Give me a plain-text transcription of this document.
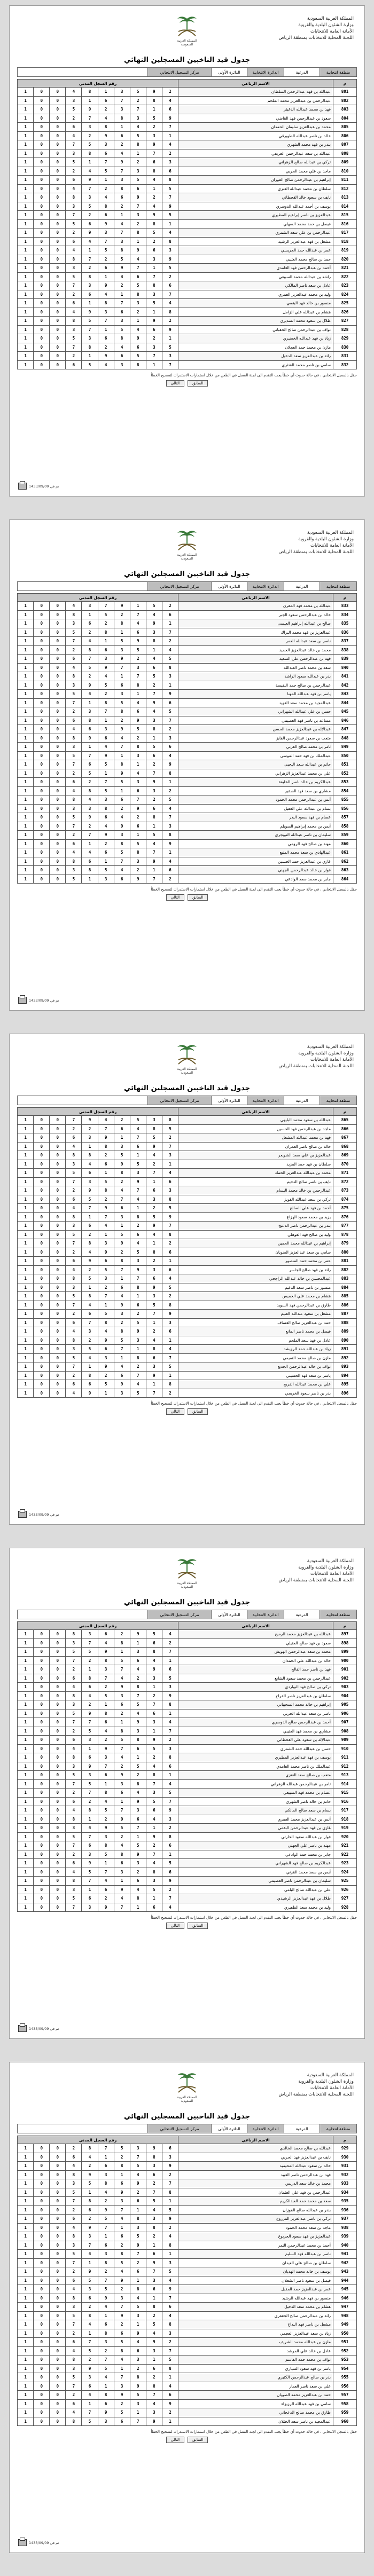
المملكة العربية السعودية
وزارة الشئون البلدية والقروية
الأمانة العامة للانتخابات
اللجنة المحلية للانتخابات بمنطقة الرياض
المملكة العربية السعودية
جدول قيد الناخبين المسجلين النهائي
منطقة انتخابية
الدرعية
الدائرة الانتخابية
الدائرة الأولى
مركز التسجيل الانتخابي
م	الاسم الرباعي	رقم السجل المدني									
801	عبدالله بن فهد عبدالرحمن السلطان	2	9	5	3	1	8	4	0	0	1
802	عبدالرحمن بن عبدالعزيز محمد الملحم	4	8	2	7	6	1	3	0	0	1
803	فهد بن محمد عبدالله الدغيثر	6	1	7	3	2	9	5	0	0	1
804	سعود بن عبدالرحمن فهد القاضي	9	5	3	8	4	7	2	0	0	1
805	محمد بن عبدالعزيز سليمان الحمدان	7	2	4	1	8	3	6	0	0	1
806	خالد بن ناصر عبدالله الطويرقي	1	3	5	6	9	2	4	0	0	1
807	بندر بن فهد محمد الشهري	4	9	8	2	3	5	7	0	0	1
808	عبدالله بن سعد عبدالرحمن العريفي	2	7	1	4	6	8	3	0	0	1
809	تركي بن عبدالله صالح الزهراني	3	6	2	9	7	1	5	0	0	1
810	ماجد بن علي محمد الحربي	6	8	3	7	5	4	2	0	0	1
811	إبراهيم بن عبدالرحمن صالح الفوزان	8	4	5	3	1	9	6	0	0	1
812	سلطان بن محمد عبدالله العنزي	5	1	6	8	2	7	4	0	0	1
813	نايف بن سعود خالد القحطاني	7	2	9	6	4	3	8	0	0	1
814	يوسف بن أحمد عبدالله الدوسري	9	4	7	2	8	5	3	0	0	1
815	عبدالعزيز بن ناصر إبراهيم المطيري	5	9	3	1	6	2	7	0	0	1
816	فيصل بن حمد محمد السهلي	1	8	2	4	9	6	5	0	0	1
817	عبدالرحمن بن علي سعد الشمري	4	5	8	7	3	9	2	0	0	1
818	مشعل بن فهد عبدالعزيز الرشيد	8	2	1	3	7	4	6	0	0	1
819	عمر بن عبدالله حمد الجريسي	3	6	9	8	5	1	4	0	0	1
820	حمد بن صالح محمد العتيبي	9	3	4	5	2	7	8	0	0	1
821	أحمد بن عبدالرحمن فهد الغامدي	5	1	7	9	6	2	3	0	0	1
822	راشد بن عبدالله محمد السبيعي	2	7	6	4	1	8	5	0	0	1
823	عادل بن سعد ناصر المالكي	6	8	5	2	9	3	7	0	0	1
824	وليد بن محمد عبدالعزيز العمري	7	3	8	1	4	6	2	0	0	1
825	منصور بن خالد فهد البقمي	4	5	3	7	8	1	6	0	0	1
826	هشام بن عبدالله علي الزامل	8	1	2	6	3	9	4	0	0	1
827	طلال بن سعود محمد السديري	2	9	1	3	7	5	8	0	0	1
828	نواف بن عبدالرحمن صالح الحقباني	9	6	4	5	1	7	3	0	0	1
829	زياد بن فهد عبدالله الخضيري	1	2	9	8	6	3	5	0	0	1
830	مازن بن محمد حمد العجلان	5	3	6	4	2	8	7	0	0	1
831	رائد بن عبدالعزيز سعد الدخيل	3	7	5	6	9	1	2	0	0	1
832	سامي بن ناصر محمد الشثري	7	1	8	3	4	5	6	0	0	1
حقل بالسجل الانتخابي ، في حالة حدوث أي خطأ يجب التقدم الى لجنة الفصل في الطعن من خلال استمارات الاستدراك لتصحيح الخطأ
السابق
التالي
1433/09/09 تم في
المملكة العربية السعودية
وزارة الشئون البلدية والقروية
الأمانة العامة للانتخابات
اللجنة المحلية للانتخابات بمنطقة الرياض
المملكة العربية السعودية
جدول قيد الناخبين المسجلين النهائي
منطقة انتخابية
الدرعية
الدائرة الانتخابية
الدائرة الأولى
مركز التسجيل الانتخابي
م	الاسم الرباعي	رقم السجل المدني									
833	عبدالله بن محمد فهد المقرن	2	5	1	9	7	3	4	0	0	1
834	خالد بن عبدالرحمن سعود الجبر	6	4	7	2	5	1	8	0	0	1
835	صالح بن عبدالله إبراهيم العيسى	1	9	4	8	2	6	3	0	0	1
836	عبدالعزيز بن فهد محمد البراك	7	3	6	1	8	2	5	0	0	1
837	ناصر بن سعد عبدالله العمر	2	8	9	5	1	4	7	0	0	1
838	محمد بن خالد عبدالعزيز الحميد	4	1	5	3	6	8	2	0	0	1
839	فهد بن عبدالرحمن علي السعيد	5	4	2	9	3	7	6	0	0	1
840	سعد بن محمد ناصر العبدالله	8	6	3	7	9	5	4	0	0	1
841	بدر بن عبدالله سعود الراشد	3	5	7	1	4	2	8	0	0	1
842	عبدالرحمن بن صالح حمد النفيسة	1	2	8	6	5	9	3	0	0	1
843	ياسر بن فهد عبدالله المهنا	9	7	1	3	2	4	5	0	0	1
844	عبدالمجيد بن محمد سعد الفهيد	6	9	4	5	8	1	7	0	0	1
845	حسن بن علي عبدالله الشهراني	5	4	6	8	7	3	2	0	0	1
846	مساعد بن ناصر فهد العصيمي	7	3	9	2	1	8	6	0	0	1
847	عبدالإله بن عبدالعزيز محمد الحسن	2	8	5	9	3	6	4	0	0	1
848	متعب بن سعود عبدالرحمن الفايز	3	1	2	4	6	9	8	0	0	1
849	ثامر بن محمد صالح القرني	6	5	8	7	4	1	3	0	0	1
850	عبدالملك بن فهد حمد الموسى	4	6	3	1	9	7	5	0	0	1
851	حاتم بن عبدالله سعد اليحيى	9	2	1	8	5	6	7	0	0	1
852	علي بن محمد عبدالعزيز الزهراني	8	7	4	9	1	5	2	0	0	1
853	عبدالكريم بن خالد ناصر الخليفة	1	9	3	5	7	2	6	0	0	1
854	مشاري بن سعد فهد الصقير	2	3	6	1	5	8	4	0	0	1
855	أنس بن عبدالرحمن محمد الحمود	5	2	7	6	3	4	8	0	0	1
856	بسام بن عبدالله علي العقيل	4	6	9	2	8	3	3	0	0	1
857	عصام بن فهد سعود البدر	7	8	2	4	6	9	5	0	0	1
858	أيمن بن محمد إبراهيم السويلم	3	1	6	9	4	2	7	0	0	1
859	سليمان بن ناصر عبدالله التويجري	8	5	1	3	9	7	2	0	0	1
860	مهند بن صالح فهد الرومي	9	4	5	8	2	1	6	0	0	1
861	عبدالهادي بن سعد محمد المنيع	1	7	8	5	6	4	4	0	0	1
862	غازي بن عبدالعزيز حمد الحسين	4	9	3	7	1	6	8	0	0	1
863	فواز بن خالد عبدالرحمن الجهني	6	1	2	4	5	8	3	0	0	1
864	جابر بن محمد سعد الوادعي	2	7	9	6	3	1	5	0	0	1
حقل بالسجل الانتخابي ، في حالة حدوث أي خطأ يجب التقدم الى لجنة الفصل في الطعن من خلال استمارات الاستدراك لتصحيح الخطأ
السابق
التالي
1433/09/09 تم في
المملكة العربية السعودية
وزارة الشئون البلدية والقروية
الأمانة العامة للانتخابات
اللجنة المحلية للانتخابات بمنطقة الرياض
المملكة العربية السعودية
جدول قيد الناخبين المسجلين النهائي
منطقة انتخابية
الدرعية
الدائرة الانتخابية
الدائرة الأولى
مركز التسجيل الانتخابي
م	الاسم الرباعي	رقم السجل المدني									
865	عبدالله بن سعود محمد البليهي	8	3	5	2	4	9	7	0	0	1
866	ماجد بن عبدالرحمن فهد الحسين	5	8	4	6	7	2	2	0	0	1
867	فهد بن محمد عبدالله المشعل	2	5	7	1	9	3	6	0	0	1
868	خالد بن صالح ناصر العمران	7	9	6	3	8	1	4	0	0	1
869	عبدالعزيز بن علي سعد الشويعر	3	4	1	5	2	8	8	0	0	1
870	سلطان بن فهد حمد المزيد	1	2	5	9	6	4	3	0	0	1
871	محمد بن عبدالله عبدالعزيز الحماد	4	7	3	8	1	6	5	0	0	1
872	نايف بن ناصر صالح الدحيم	6	1	9	2	5	3	7	0	0	1
873	عبدالرحمن بن خالد محمد البسام	3	6	7	4	8	9	2	0	0	1
874	تركي بن سعد عبدالله القويز	8	3	4	7	2	5	6	0	0	1
875	أحمد بن فهد علي الصالح	5	2	1	6	9	7	4	0	0	1
876	يزيد بن محمد سعود الهزاع	9	5	8	3	7	1	8	0	0	1
877	بندر بن عبدالرحمن ناصر الدعيج	7	9	2	1	4	6	3	0	0	1
878	وليد بن صالح فهد العوهلي	8	4	6	5	1	2	5	0	0	1
879	إبراهيم بن عبدالله محمد الحمين	2	1	4	9	3	8	7	0	0	1
880	سامي بن سعد عبدالعزيز الضويان	6	8	5	2	9	4	2	0	0	1
881	عمر بن محمد حمد المنصور	1	2	3	8	6	9	6	0	0	1
882	رائد بن فهد صالح الجاسر	6	3	9	7	5	2	4	0	0	1
883	عبدالمحسن بن خالد عبدالله الراجحي	4	6	7	1	3	5	8	0	0	1
884	منصور بن ناصر سعد الدغيم	5	9	8	6	2	1	3	0	0	1
885	هشام بن محمد علي الخميس	2	3	1	4	7	8	5	0	0	1
886	طارق بن عبدالرحمن فهد السويد	8	5	6	9	1	4	7	0	0	1
887	مشعل بن سعود عبدالله الغنيم	9	7	2	3	5	6	2	0	0	1
888	حمد بن عبدالعزيز صالح العساف	3	1	5	2	8	7	6	0	0	1
889	فيصل بن محمد ناصر المانع	6	2	9	8	4	3	4	0	0	1
890	عادل بن فهد سعد الملحم	1	4	3	5	9	2	8	0	0	1
891	زياد بن عبدالله حمد الرويشد	4	8	1	7	6	5	3	0	0	1
892	مازن بن صالح محمد التميمي	7	6	8	1	3	4	5	0	0	1
893	نواف بن خالد عبدالرحمن الجديع	5	3	2	4	9	1	7	0	0	1
894	ياسر بن سعد فهد الحسيني	1	9	7	6	2	8	2	0	0	1
895	علي بن محمد عبدالله الفريح	8	1	4	9	5	6	6	0	0	1
896	بدر بن ناصر سعود الخريجي	2	7	5	3	1	9	4	0	0	1
حقل بالسجل الانتخابي ، في حالة حدوث أي خطأ يجب التقدم الى لجنة الفصل في الطعن من خلال استمارات الاستدراك لتصحيح الخطأ
السابق
التالي
1433/09/09 تم في
المملكة العربية السعودية
وزارة الشئون البلدية والقروية
الأمانة العامة للانتخابات
اللجنة المحلية للانتخابات بمنطقة الرياض
المملكة العربية السعودية
جدول قيد الناخبين المسجلين النهائي
منطقة انتخابية
الدرعية
الدائرة الانتخابية
الدائرة الأولى
مركز التسجيل الانتخابي
م	الاسم الرباعي	رقم السجل المدني									
897	عبدالله بن عبدالعزيز محمد الرميح	4	5	9	2	6	3	8	0	0	1
898	سعود بن فهد صالح العقيلي	2	6	1	8	4	7	3	0	0	1
899	محمد بن سعد عبدالرحمن الهويش	7	8	3	1	9	5	5	0	0	1
900	خالد بن عبدالله علي الحمدان	1	4	6	5	8	2	7	0	0	1
901	فهد بن ناصر حمد الفالح	6	9	4	7	3	1	2	0	0	1
902	عبدالرحمن بن محمد سعود الشايع	5	3	2	4	7	8	6	0	0	1
903	تركي بن صالح فهد البواردي	3	1	8	9	2	6	4	0	0	1
904	سلطان بن عبدالعزيز ناصر الفراج	9	2	7	3	5	4	8	0	0	1
905	إبراهيم بن خالد محمد السحيباني	8	7	5	6	1	2	3	0	0	1
906	ناصر بن سعد عبدالله الحربي	1	6	4	2	8	9	5	0	0	1
907	أحمد بن عبدالرحمن صالح الدوسري	4	3	9	1	6	7	7	0	0	1
908	مشاري بن محمد فهد العتيبي	7	1	3	8	4	5	2	0	0	1
909	عبدالإله بن سعود علي القحطاني	2	9	8	5	2	3	6	0	0	1
910	حسن بن عبدالله حمد الشمري	3	5	6	7	9	1	4	0	0	1
911	يوسف بن فهد عبدالعزيز المطيري	8	2	1	4	3	6	8	0	0	1
912	عبدالملك بن ناصر محمد الغامدي	6	4	5	2	7	9	3	0	0	1
913	متعب بن صالح سعد العنزي	1	8	2	9	6	3	5	0	0	1
914	ثامر بن عبدالرحمن عبدالله الزهراني	4	7	8	3	1	5	7	0	0	1
915	عصام بن محمد فهد السبيعي	5	3	4	6	8	7	2	0	0	1
916	حاتم بن خالد ناصر الشهري	7	5	9	1	4	2	6	0	0	1
917	بسام بن سعد صالح المالكي	9	6	3	7	5	8	4	0	0	1
918	أنس بن عبدالعزيز محمد العمري	3	4	6	9	2	1	8	0	0	1
919	غازي بن فهد عبدالرحمن البقمي	2	1	7	5	9	4	3	0	0	1
920	فواز بن عبدالله سعود الحارثي	8	9	1	2	3	7	5	0	0	1
921	مهند بن ناصر علي الجهني	6	2	5	4	8	6	7	0	0	1
922	جابر بن محمد حمد الوادعي	1	7	9	8	5	3	2	0	0	1
923	عبدالكريم بن صالح فهد الشهراني	5	4	3	6	1	9	6	0	0	1
924	أيمن بن سعد محمد القرني	6	8	2	3	7	5	4	0	0	1
925	سليمان بن عبدالرحمن ناصر العصيمي	9	3	6	1	4	7	8	0	0	1
926	علي بن عبدالله صالح اليامي	2	5	4	9	6	1	3	0	0	1
927	طلال بن فهد عبدالعزيز الرشيدي	7	1	8	4	2	6	5	0	0	1
928	وليد بن محمد سعد الظفيري	4	6	1	7	9	3	7	0	0	1
حقل بالسجل الانتخابي ، في حالة حدوث أي خطأ يجب التقدم الى لجنة الفصل في الطعن من خلال استمارات الاستدراك لتصحيح الخطأ
السابق
التالي
1433/09/09 تم في
المملكة العربية السعودية
وزارة الشئون البلدية والقروية
الأمانة العامة للانتخابات
اللجنة المحلية للانتخابات بمنطقة الرياض
المملكة العربية السعودية
جدول قيد الناخبين المسجلين النهائي
منطقة انتخابية
الدرعية
الدائرة الانتخابية
الدائرة الأولى
مركز التسجيل الانتخابي
م	الاسم الرباعي	رقم السجل المدني									
929	عبدالله بن صالح محمد الخالدي	6	9	3	5	7	8	2	0	0	1
930	نايف بن عبدالعزيز فهد الحربي	3	8	7	2	1	4	6	0	0	1
931	خالد بن سعود عبدالله المحيميد	9	3	5	8	6	2	4	0	0	1
932	فهد بن عبدالرحمن ناصر العبيد	2	6	4	1	3	9	8	0	0	1
933	محمد بن خالد سعد الدريس	7	2	9	6	8	5	3	0	0	1
934	عبدالرحمن بن فهد علي العثمان	8	7	2	9	4	1	5	0	0	1
935	سعد بن محمد حمد العبدالكريم	1	5	6	3	2	8	7	0	0	1
936	بندر بن عبدالله صالح الفوزان	5	4	1	7	9	6	2	0	0	1
937	تركي بن ناصر عبدالعزيز المزروع	9	3	8	4	5	2	6	0	0	1
938	ماجد بن سعد محمد الحمود	2	8	3	1	7	9	4	0	0	1
939	عبدالعزيز بن فهد سعود الجربوع	4	2	5	6	1	3	8	0	0	1
940	أحمد بن محمد عبدالرحمن النمر	8	1	9	2	6	7	3	0	0	1
941	ناصر بن عبدالله فهد السليم	1	6	7	8	3	4	5	0	0	1
942	سلطان بن صالح علي العيدان	3	9	2	5	8	1	7	0	0	1
943	يوسف بن خالد محمد الهديان	5	7	6	4	2	9	2	0	0	1
944	فيصل بن سعود ناصر الشعلان	4	3	1	9	7	5	6	0	0	1
945	عمر بن عبدالعزيز حمد المقبل	9	6	8	2	5	3	4	0	0	1
946	منصور بن فهد عبدالله الرشيد	7	1	4	3	9	6	8	0	0	1
947	هشام بن محمد سعد الدخيل	6	8	5	7	4	2	3	0	0	1
948	رائد بن عبدالرحمن صالح الجعفري	4	2	3	9	1	8	5	0	0	1
949	مشعل بن ناصر فهد البداح	8	5	1	2	6	4	7	0	0	1
950	زياد بن سعد عبدالعزيز العجمي	3	4	9	6	8	1	2	0	0	1
951	مازن بن عبدالله محمد الشريف	2	9	4	5	3	7	6	0	0	1
952	عادل بن خالد علي المرشد	7	3	6	8	2	5	4	0	0	1
953	نواف بن محمد حمد القاسم	5	1	3	4	7	2	8	0	0	1
954	ياسر بن فهد سعود السياري	8	6	2	1	5	9	3	0	0	1
955	بدر بن صالح عبدالرحمن الكثيري	1	2	8	7	4	3	5	0	0	1
956	علي بن سعد ناصر العمار	4	8	9	3	1	6	7	0	0	1
957	حمد بن عبدالعزيز محمد الصويان	6	7	5	9	8	4	2	0	0	1
958	سامي بن فهد عبدالله الرزيزاء	9	4	3	2	6	1	6	0	0	1
959	طارق بن محمد صالح الدعجاني	2	3	1	5	9	7	4	0	0	1
960	عبدالمجيد بن ناصر سعد الخثلان	1	9	7	6	3	5	8	0	0	1
حقل بالسجل الانتخابي ، في حالة حدوث أي خطأ يجب التقدم الى لجنة الفصل في الطعن من خلال استمارات الاستدراك لتصحيح الخطأ
السابق
التالي
1433/09/09 تم في
